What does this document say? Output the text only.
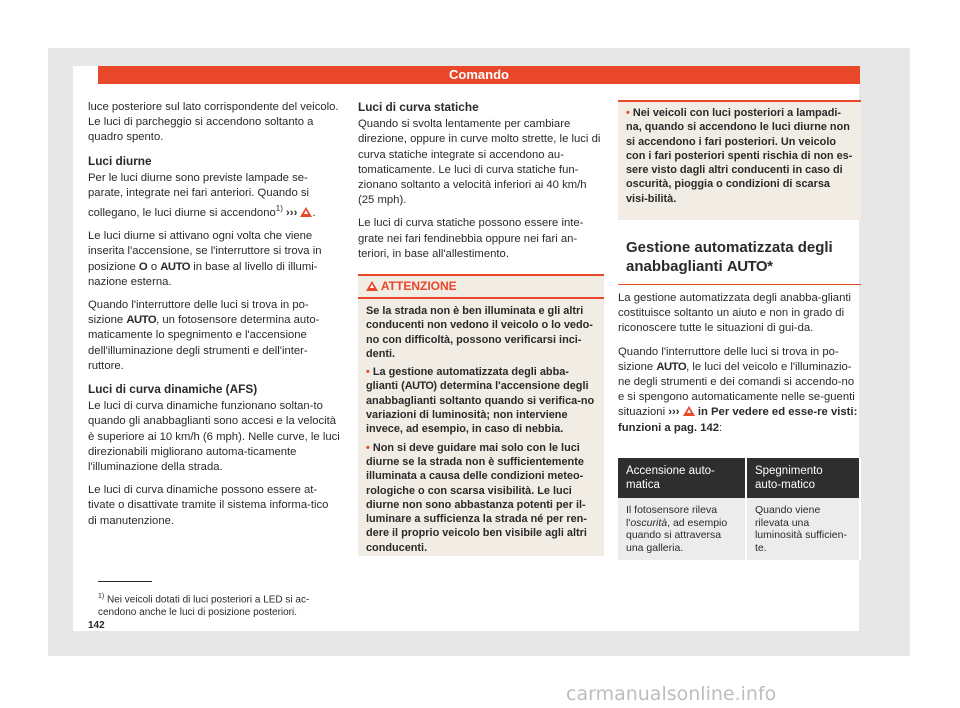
Comando

luce posteriore sul lato corrispondente del veicolo. Le luci di parcheggio si accendono soltanto a quadro spento.

Luci diurne

Per le luci diurne sono previste lampade se-parate, integrate nei fari anteriori. Quando si collegano, le luci diurne si accendono$^{1)}$ ››› .

Le luci diurne si attivano ogni volta che viene inserita l'accensione, se l'interruttore si trova in posizione O o AUTO in base al livello di illumi-nazione esterna.

Quando l'interruttore delle luci si trova in po-sizione AUTO, un fotosensore determina auto-maticamente lo spegnimento e l'accensione dell'illuminazione degli strumenti e dell'inter-ruttore.

Luci di curva dinamiche (AFS)

Le luci di curva dinamiche funzionano soltan-to quando gli anabbaglianti sono accesi e la velocità è superiore ai 10 km/h (6 mph). Nelle curve, le luci direzionabili migliorano automa-ticamente l'illuminazione della strada.

Le luci di curva dinamiche possono essere at-tivate o disattivate tramite il sistema informa-tico di manutenzione.

Luci di curva statiche

Quando si svolta lentamente per cambiare direzione, oppure in curve molto strette, le luci di curva statiche integrate si accendono au-tomaticamente. Le luci di curva statiche fun-zionano soltanto a velocità inferiori ai 40 km/h (25 mph).

Le luci di curva statiche possono essere inte-grate nei fari fendinebbia oppure nei fari an-teriori, in base all'allestimento.

ATTENZIONE

Se la strada non è ben illuminata e gli altri conducenti non vedono il veicolo o lo vedo-no con difficoltà, possono verificarsi inci-denti.

• La gestione automatizzata degli abba-glianti (AUTO) determina l'accensione degli anabbaglianti soltanto quando si verifica-no variazioni di luminosità; non interviene invece, ad esempio, in caso di nebbia.

• Non si deve guidare mai solo con le luci diurne se la strada non è sufficientemente illuminata a causa delle condizioni meteo-rologiche o con scarsa visibilità. Le luci diurne non sono abbastanza potenti per il-luminare a sufficienza la strada né per ren-dere il proprio veicolo ben visibile agli altri conducenti.

• Nei veicoli con luci posteriori a lampadi-na, quando si accendono le luci diurne non si accendono i fari posteriori. Un veicolo con i fari posteriori spenti rischia di non es-sere visto dagli altri conducenti in caso di oscurità, pioggia o condizioni di scarsa visi-bilità.
Gestione automatizzata degli anabbaglianti AUTO*

La gestione automatizzata degli anabba-glianti costituisce soltanto un aiuto e non in grado di riconoscere tutte le situazioni di gui-da.

Quando l'interruttore delle luci si trova in po-sizione AUTO, le luci del veicolo e l'illuminazio-ne degli strumenti e dei comandi si accendo-no e si spengono automaticamente nelle se-guenti situazioni ››› in Per vedere ed esse-re visti: funzioni a pag. 142:

Accensione auto-matica	Spegnimento auto-matico
Il fotosensore rileva l'oscurità, ad esempio quando si attraversa una galleria.	Quando viene rilevata una luminosità sufficien-te.
$^{1)}$ Nei veicoli dotati di luci posteriori a LED si ac-cendono anche le luci di posizione posteriori.
142
carmanualsonline.info
